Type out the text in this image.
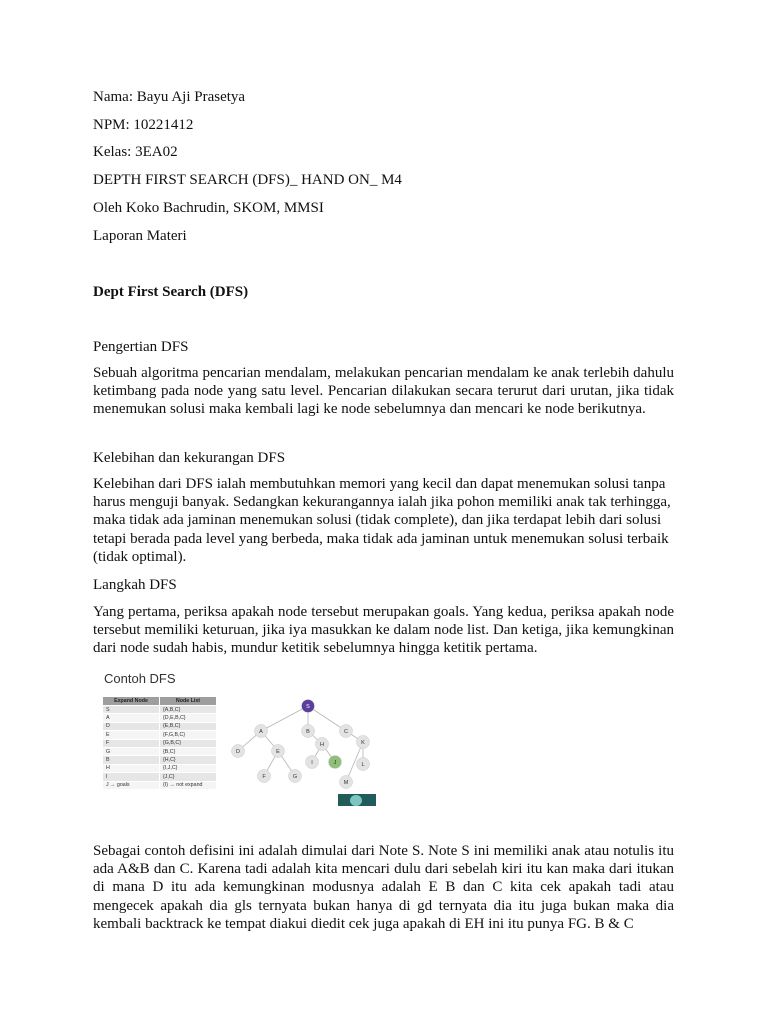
Nama: Bayu Aji Prasetya
NPM: 10221412
Kelas: 3EA02
DEPTH FIRST SEARCH (DFS)_ HAND ON_ M4
Oleh Koko Bachrudin, SKOM, MMSI
Laporan Materi
Dept First Search (DFS)
Pengertian DFS
Sebuah algoritma pencarian mendalam, melakukan pencarian mendalam ke anak terlebih dahulu ketimbang pada node yang satu level. Pencarian dilakukan secara terurut dari urutan, jika tidak menemukan solusi maka kembali lagi ke node sebelumnya dan mencari ke node berikutnya.
Kelebihan dan kekurangan DFS
Kelebihan dari DFS ialah membutuhkan memori yang kecil dan dapat menemukan solusi tanpa harus menguji banyak. Sedangkan kekurangannya ialah jika pohon memiliki anak tak terhingga, maka tidak ada jaminan menemukan solusi (tidak complete), dan jika terdapat lebih dari solusi tetapi berada pada level yang berbeda, maka tidak ada jaminan untuk menemukan solusi terbaik (tidak optimal).
Langkah DFS
Yang pertama, periksa apakah node tersebut merupakan goals. Yang kedua, periksa apakah node tersebut memiliki keturuan, jika iya masukkan ke dalam node list. Dan ketiga, jika kemungkinan dari node sudah habis, mundur ketitik sebelumnya hingga ketitik pertama.
Contoh DFS
Expand Node	Node List
S	{A,B,C}
A	{D,E,B,C}
D	{E,B,C}
E	{F,G,B,C}
F	{G,B,C}
G	{B,C}
B	{H,C}
H	{I,J,C}
I	{J,C}
J → goals	{I} → not expand
S
A	B	C
D	E
H	K
F	G
I	J	L
M
Sebagai contoh defisini ini adalah dimulai dari Note S. Note S ini memiliki anak atau notulis itu ada A&B dan C. Karena tadi adalah kita mencari dulu dari sebelah kiri itu kan maka dari itukan di mana D itu ada kemungkinan modusnya adalah E B dan C kita cek apakah tadi atau mengecek apakah dia gls ternyata bukan hanya di gd ternyata dia itu juga bukan maka dia kembali backtrack ke tempat diakui diedit cek juga apakah di EH ini itu punya FG. B & C
